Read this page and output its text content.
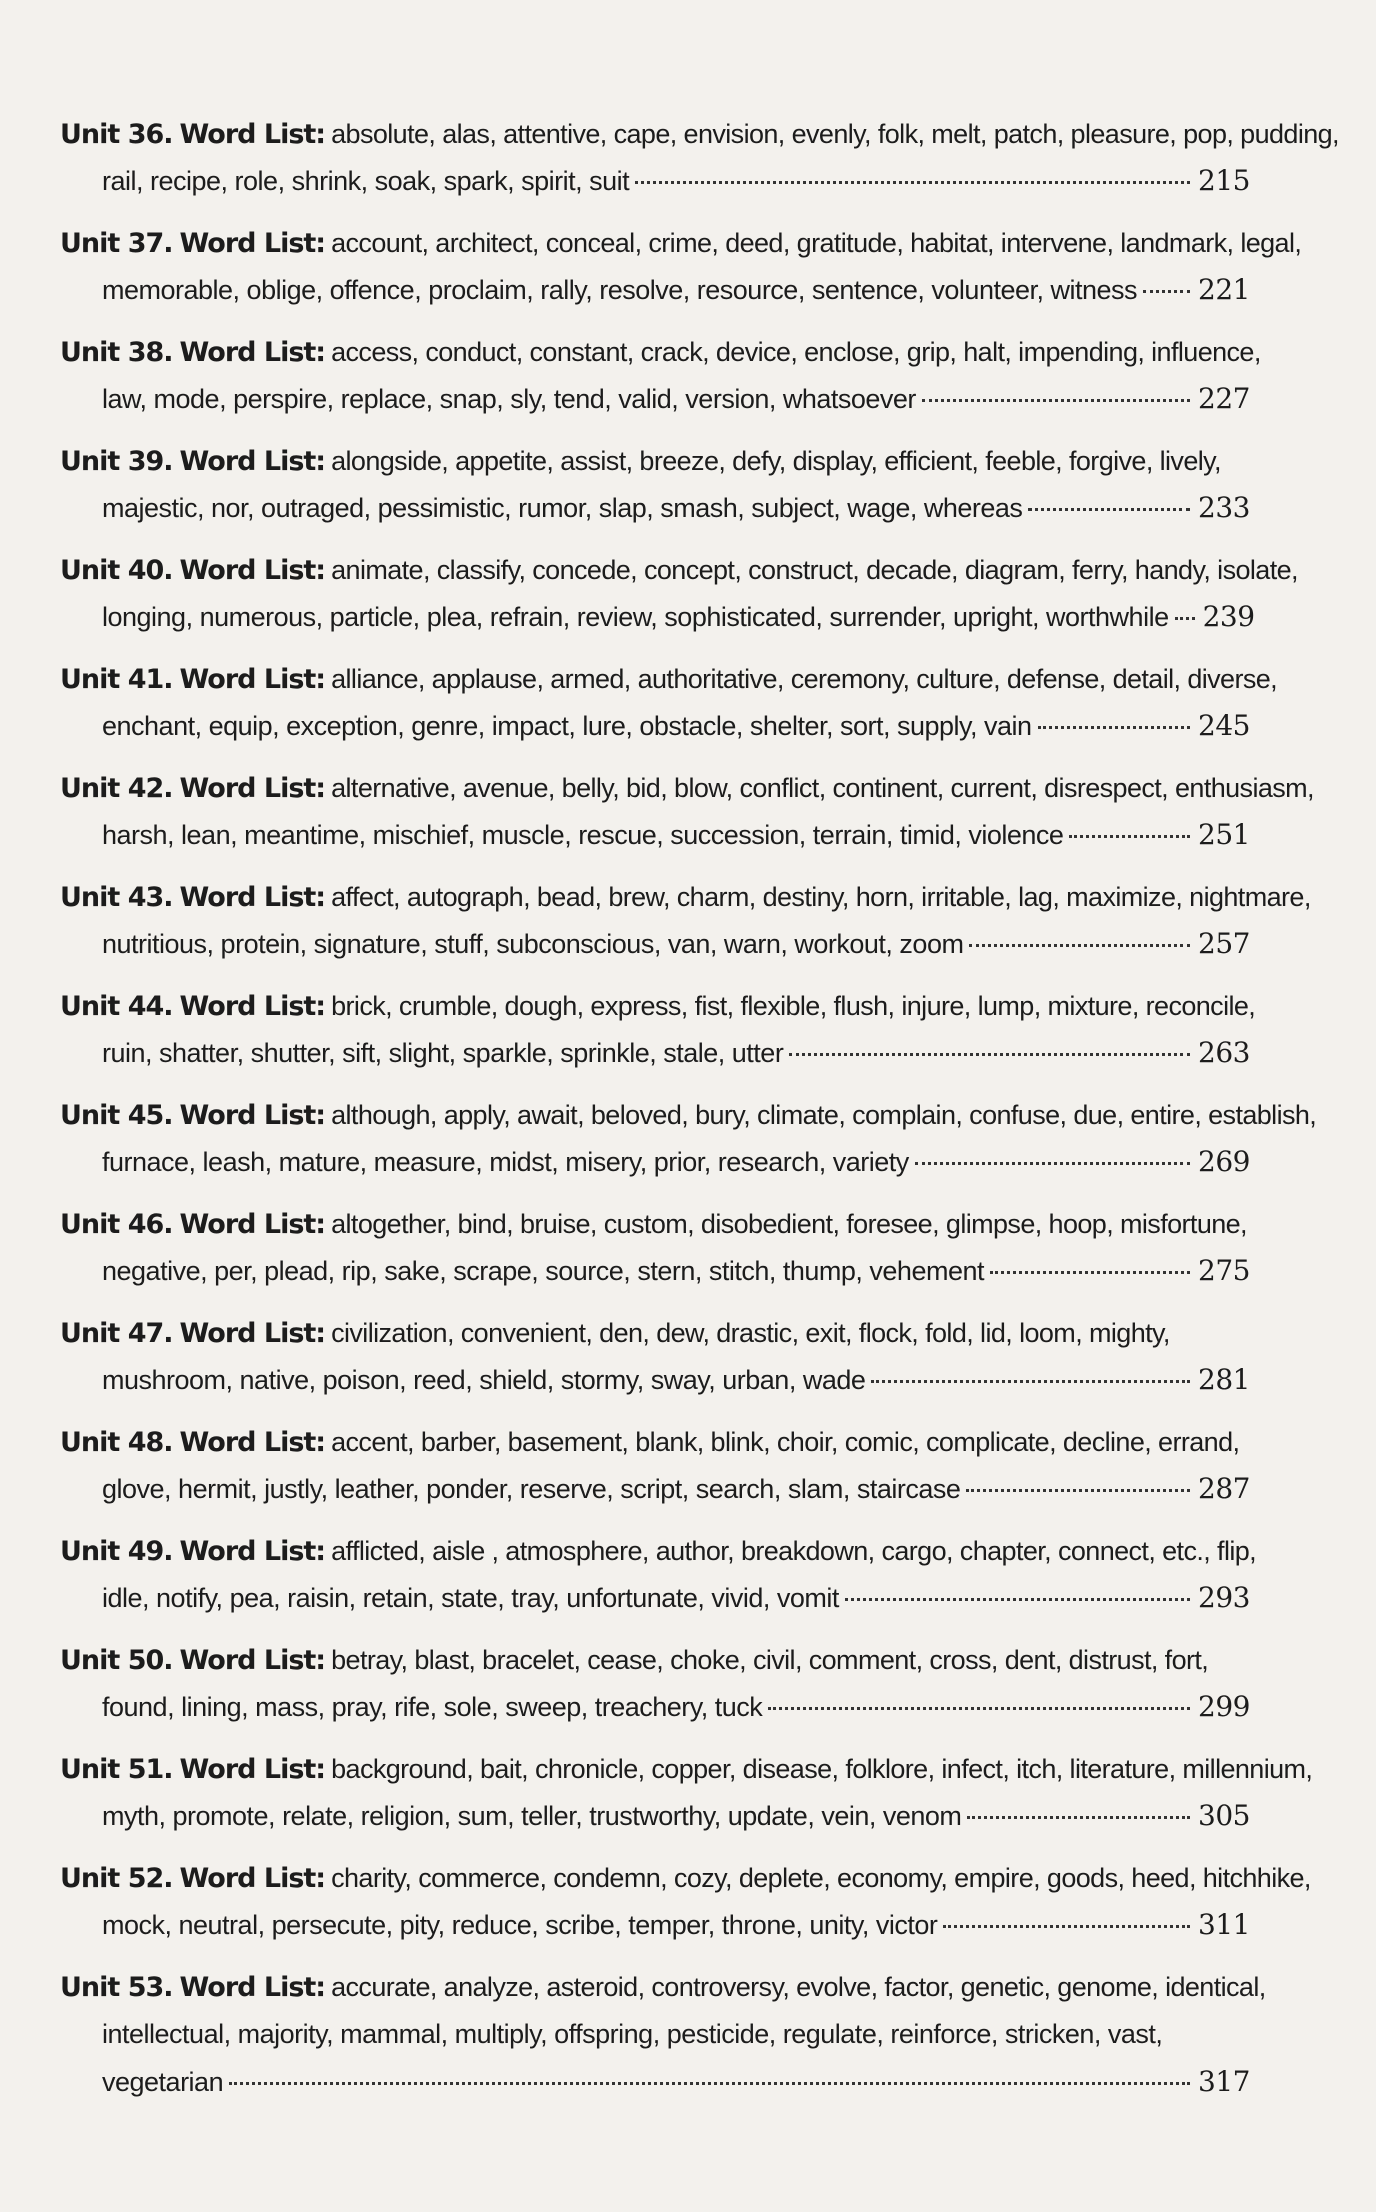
Unit 36. Word List: absolute, alas, attentive, cape, envision, evenly, folk, melt, patch, pleasure, pop, pudding,
rail, recipe, role, shrink, soak, spark, spirit, suit	215
Unit 37. Word List: account, architect, conceal, crime, deed, gratitude, habitat, intervene, landmark, legal,
memorable, oblige, offence, proclaim, rally, resolve, resource, sentence, volunteer, witness 221
Unit 38. Word List: access, conduct, constant, crack, device, enclose, grip, halt, impending, influence,
law, mode, perspire, replace, snap, sly, tend, valid, version, whatsoever	227
Unit 39. Word List: alongside, appetite, assist, breeze, defy, display, efficient, feeble, forgive, lively,
majestic, nor, outraged, pessimistic, rumor, slap, smash, subject, wage, whereas	233
Unit 40. Word List: animate, classify, concede, concept, construct, decade, diagram, ferry, handy, isolate,
longing, numerous, particle, plea, refrain, review, sophisticated, surrender, upright, worthwhile 239
Unit 41. Word List: alliance, applause, armed, authoritative, ceremony, culture, defense, detail, diverse,
enchant, equip, exception, genre, impact, lure, obstacle, shelter, sort, supply, vain	245
Unit 42. Word List: alternative, avenue, belly, bid, blow, conflict, continent, current, disrespect, enthusiasm,
harsh, lean, meantime, mischief, muscle, rescue, succession, terrain, timid, violence	251
Unit 43. Word List: affect, autograph, bead, brew, charm, destiny, horn, irritable, lag, maximize, nightmare,
nutritious, protein, signature, stuff, subconscious, van, warn, workout, zoom	257
Unit 44. Word List: brick, crumble, dough, express, fist, flexible, flush, injure, lump, mixture, reconcile,
ruin, shatter, shutter, sift, slight, sparkle, sprinkle, stale, utter	263
Unit 45. Word List: although, apply, await, beloved, bury, climate, complain, confuse, due, entire, establish,
furnace, leash, mature, measure, midst, misery, prior, research, variety	269
Unit 46. Word List: altogether, bind, bruise, custom, disobedient, foresee, glimpse, hoop, misfortune,
negative, per, plead, rip, sake, scrape, source, stern, stitch, thump, vehement	275
Unit 47. Word List: civilization, convenient, den, dew, drastic, exit, flock, fold, lid, loom, mighty,
mushroom, native, poison, reed, shield, stormy, sway, urban, wade	281
Unit 48. Word List: accent, barber, basement, blank, blink, choir, comic, complicate, decline, errand,
glove, hermit, justly, leather, ponder, reserve, script, search, slam, staircase	287
Unit 49. Word List: afflicted, aisle , atmosphere, author, breakdown, cargo, chapter, connect, etc., flip,
idle, notify, pea, raisin, retain, state, tray, unfortunate, vivid, vomit	293
Unit 50. Word List: betray, blast, bracelet, cease, choke, civil, comment, cross, dent, distrust, fort,
found, lining, mass, pray, rife, sole, sweep, treachery, tuck	299
Unit 51. Word List: background, bait, chronicle, copper, disease, folklore, infect, itch, literature, millennium,
myth, promote, relate, religion, sum, teller, trustworthy, update, vein, venom	305
Unit 52. Word List: charity, commerce, condemn, cozy, deplete, economy, empire, goods, heed, hitchhike,
mock, neutral, persecute, pity, reduce, scribe, temper, throne, unity, victor	311
Unit 53. Word List: accurate, analyze, asteroid, controversy, evolve, factor, genetic, genome, identical,
intellectual, majority, mammal, multiply, offspring, pesticide, regulate, reinforce, stricken, vast,
vegetarian	317
